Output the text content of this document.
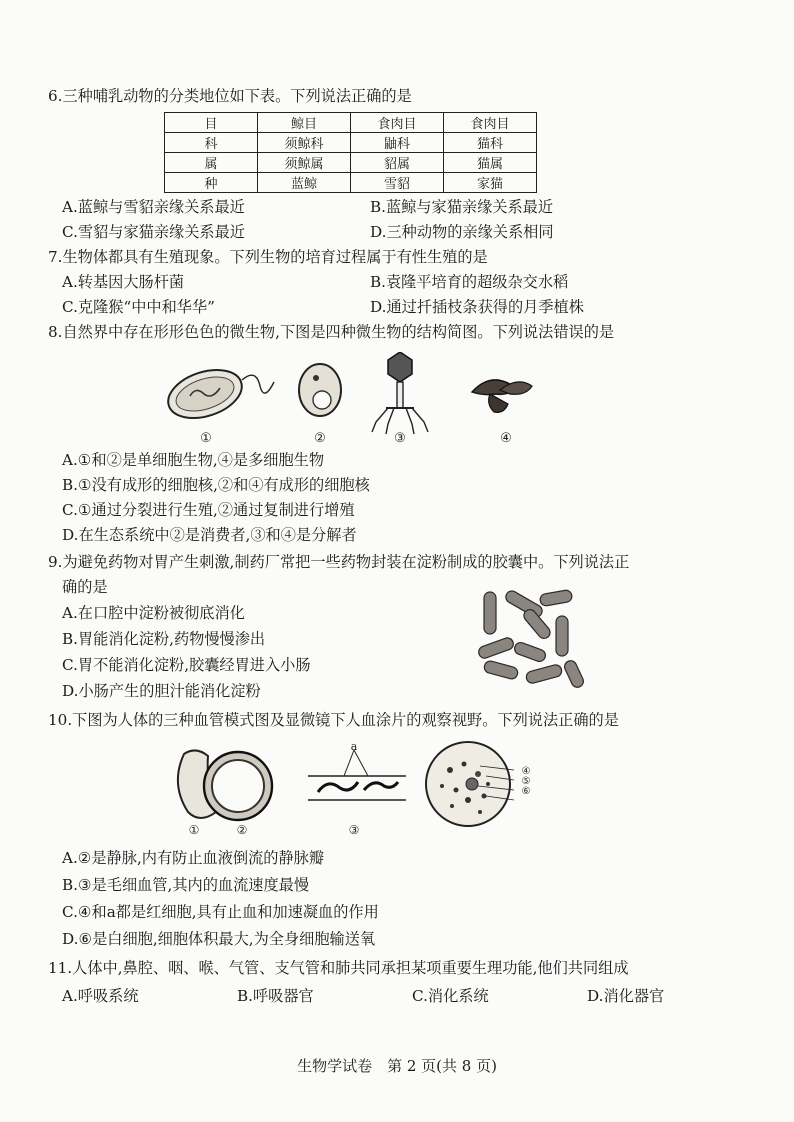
6.三种哺乳动物的分类地位如下表。下列说法正确的是
目	鲸目	食肉目	食肉目
科	须鲸科	鼬科	猫科
属	须鲸属	貂属	猫属
种	蓝鲸	雪貂	家猫
A.蓝鲸与雪貂亲缘关系最近	B.蓝鲸与家猫亲缘关系最近
C.雪貂与家猫亲缘关系最近	D.三种动物的亲缘关系相同
7.生物体都具有生殖现象。下列生物的培育过程属于有性生殖的是
A.转基因大肠杆菌	B.袁隆平培育的超级杂交水稻
C.克隆猴“中中和华华”	D.通过扦插枝条获得的月季植株
8.自然界中存在形形色色的微生物,下图是四种微生物的结构简图。下列说法错误的是
①	②	③	④
A.①和②是单细胞生物,④是多细胞生物
B.①没有成形的细胞核,②和④有成形的细胞核
C.①通过分裂进行生殖,②通过复制进行增殖
D.在生态系统中②是消费者,③和④是分解者
9.为避免药物对胃产生刺激,制药厂常把一些药物封装在淀粉制成的胶囊中。下列说法正
确的是
A.在口腔中淀粉被彻底消化
B.胃能消化淀粉,药物慢慢渗出
C.胃不能消化淀粉,胶囊经胃进入小肠
D.小肠产生的胆汁能消化淀粉
10.下图为人体的三种血管模式图及显微镜下人血涂片的观察视野。下列说法正确的是
a
④
⑤
⑥
①	②	③
A.②是静脉,内有防止血液倒流的静脉瓣
B.③是毛细血管,其内的血流速度最慢
C.④和a都是红细胞,具有止血和加速凝血的作用
D.⑥是白细胞,细胞体积最大,为全身细胞输送氧
11.人体中,鼻腔、咽、喉、气管、支气管和肺共同承担某项重要生理功能,他们共同组成
A.呼吸系统	B.呼吸器官	C.消化系统	D.消化器官
生物学试卷　第 2 页(共 8 页)
